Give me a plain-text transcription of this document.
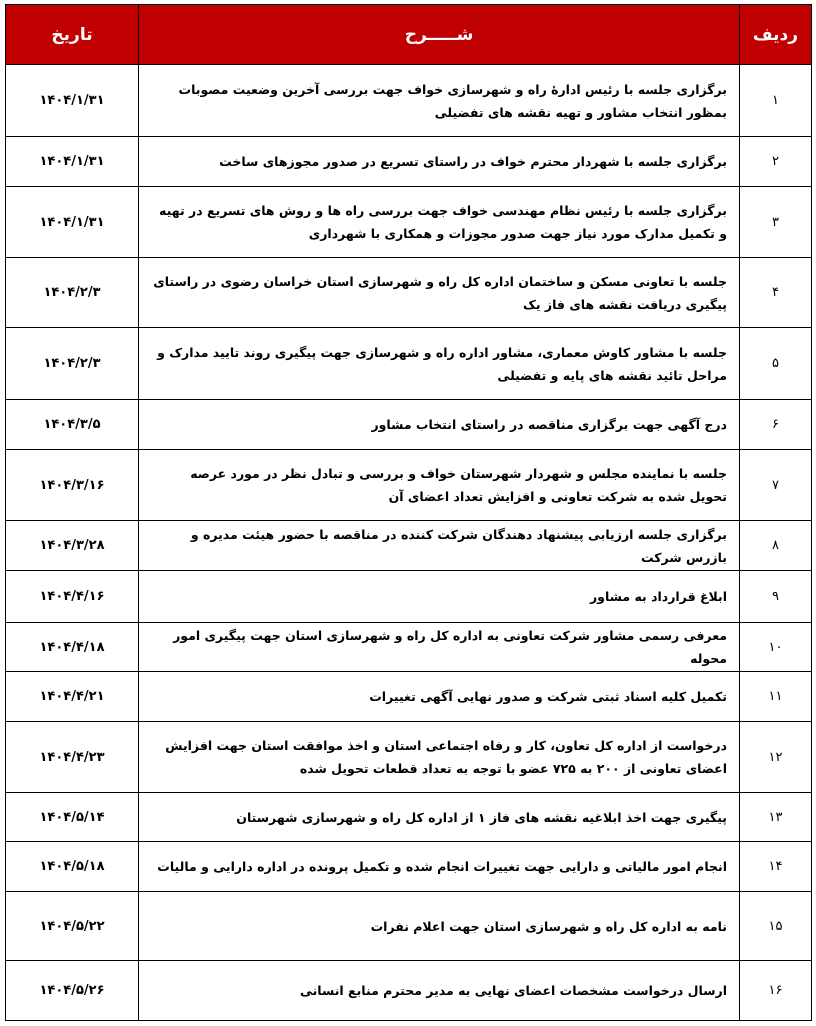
ردیف	شـــــرح	تاریخ
۱	برگزاری جلسه با رئیس ادارهٔ راه و شهرسازی خواف جهت بررسی آخرین وضعیت مصوبات بمظور انتخاب مشاور و تهیه نقشه های تفضیلی	۱۴۰۴/۱/۳۱
۲	برگزاری جلسه با شهردار محترم خواف در راستای تسریع در صدور مجوزهای ساخت	۱۴۰۴/۱/۳۱
۳	برگزاری جلسه با رئیس نظام مهندسی خواف جهت بررسی راه ها و روش های تسریع در تهیه و تکمیل مدارک مورد نیاز جهت صدور مجوزات و همکاری با شهرداری	۱۴۰۴/۱/۳۱
۴	جلسه با تعاونی مسکن و ساختمان اداره کل راه و شهرسازی استان خراسان رضوی در راستای پیگیری دریافت نقشه های فاز یک	۱۴۰۴/۲/۳
۵	جلسه با مشاور کاوش معماری، مشاور اداره راه و شهرسازی جهت پیگیری روند تایید مدارک و مراحل تائید نقشه های پایه و تفضیلی	۱۴۰۴/۲/۳
۶	درج آگهی جهت برگزاری مناقصه در راستای انتخاب مشاور	۱۴۰۴/۳/۵
۷	جلسه با نماینده مجلس و شهردار شهرستان خواف و بررسی و تبادل نظر در مورد عرصه تحویل شده به شرکت تعاونی و افزایش تعداد اعضای آن	۱۴۰۴/۳/۱۶
۸	برگزاری جلسه ارزیابی پیشنهاد دهندگان شرکت کننده در مناقصه با حضور هیئت مدیره و بازرس شرکت	۱۴۰۴/۳/۲۸
۹	ابلاغ قرارداد به مشاور	۱۴۰۴/۴/۱۶
۱۰	معرفی رسمی مشاور شرکت تعاونی به اداره کل راه و شهرسازی استان جهت پیگیری امور محوله	۱۴۰۴/۴/۱۸
۱۱	تکمیل کلیه اسناد ثبتی شرکت و صدور نهایی آگهی تغییرات	۱۴۰۴/۴/۲۱
۱۲	درخواست از اداره کل تعاون، کار و رفاه اجتماعی استان و اخذ موافقت استان جهت افزایش اعضای تعاونی از ۲۰۰ به ۷۲۵ عضو با توجه به تعداد قطعات تحویل شده	۱۴۰۴/۴/۲۳
۱۳	پیگیری جهت اخذ ابلاغیه نقشه های فاز ۱ از اداره کل راه و شهرسازی شهرستان	۱۴۰۴/۵/۱۴
۱۴	انجام امور مالیاتی و دارایی جهت تغییرات انجام شده و تکمیل پرونده در اداره دارایی و مالیات	۱۴۰۴/۵/۱۸
۱۵	نامه به اداره کل راه و شهرسازی استان جهت اعلام نفرات	۱۴۰۴/۵/۲۲
۱۶	ارسال درخواست مشخصات اعضای نهایی به مدیر محترم منابع انسانی	۱۴۰۴/۵/۲۶
